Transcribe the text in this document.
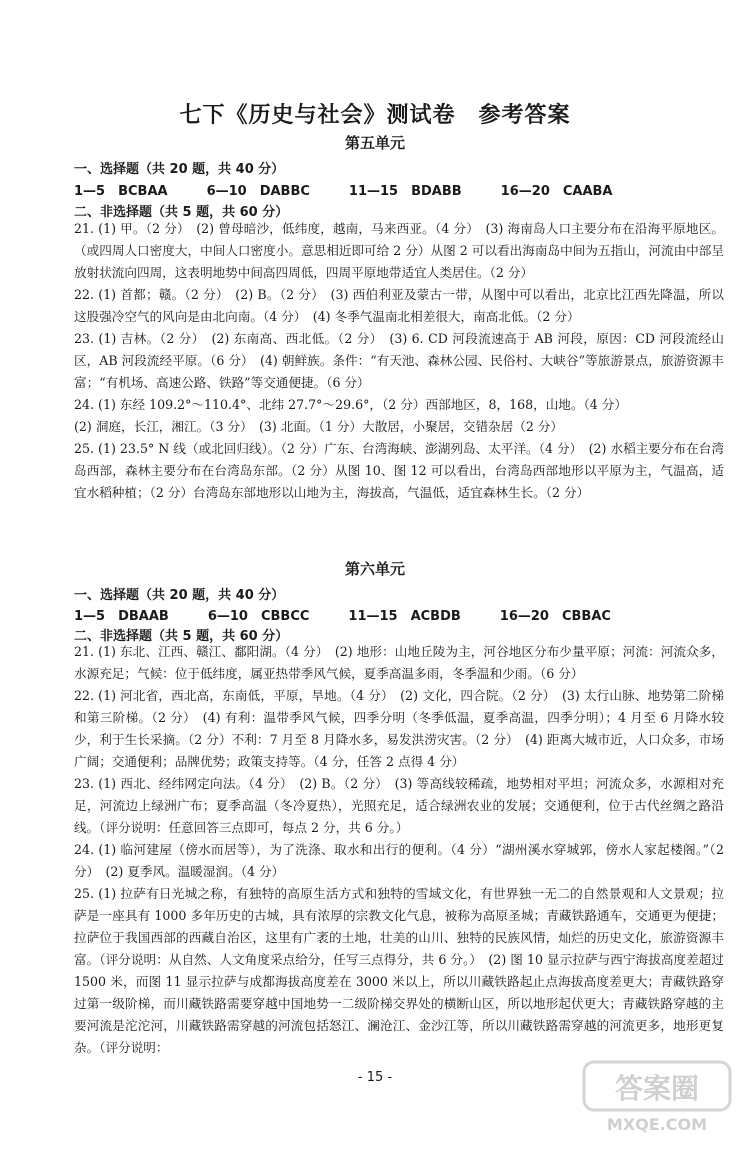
七下《历史与社会》测试卷　参考答案
第五单元
一、选择题（共 20 题，共 40 分）
1—5　BCBAA　　　6—10　DABBC　　　11—15　BDABB　　　16—20　CAABA
二、非选择题（共 5 题，共 60 分）

21. (1) 甲。（2 分）　(2) 曾母暗沙，低纬度，越南，马来西亚。（4 分）　(3) 海南岛人口主要分布在沿海平原地区。（或四周人口密度大，中间人口密度小。意思相近即可给 2 分）从图 2 可以看出海南岛中间为五指山，河流由中部呈放射状流向四周，这表明地势中间高四周低，四周平原地带适宜人类居住。（2 分）

22. (1) 首都；赣。（2 分）　(2) B。（2 分）　(3) 西伯利亚及蒙古一带，从图中可以看出，北京比江西先降温，所以这股强冷空气的风向是由北向南。（4 分）　(4) 冬季气温南北相差很大，南高北低。（2 分）

23. (1) 吉林。（2 分）　(2) 东南高、西北低。（2 分）　(3) 6. CD 河段流速高于 AB 河段，原因：CD 河段流经山区，AB 河段流经平原。（6 分）　(4) 朝鲜族。条件：“有天池、森林公园、民俗村、大峡谷”等旅游景点，旅游资源丰富；“有机场、高速公路、铁路”等交通便捷。（6 分）

24. (1) 东经 109.2°～110.4°、北纬 27.7°～29.6°，（2 分）西部地区，8，168，山地。（4 分）

(2) 洞庭，长江，湘江。（3 分）　(3) 北面。（1 分）大散居，小聚居，交错杂居（2 分）

25. (1) 23.5° N 线（或北回归线）。（2 分）广东、台湾海峡、澎湖列岛、太平洋。（4 分）　(2) 水稻主要分布在台湾岛西部，森林主要分布在台湾岛东部。（2 分）从图 10、图 12 可以看出，台湾岛西部地形以平原为主，气温高，适宜水稻种植；（2 分）台湾岛东部地形以山地为主，海拔高，气温低，适宜森林生长。（2 分）

第六单元
一、选择题（共 20 题，共 40 分）
1—5　DBAAB　　　6—10　CBBCC　　　11—15　ACBDB　　　16—20　CBBAC
二、非选择题（共 5 题，共 60 分）

21. (1) 东北、江西、赣江、鄱阳湖。（4 分）　(2) 地形：山地丘陵为主，河谷地区分布少量平原；河流：河流众多，水源充足；气候：位于低纬度，属亚热带季风气候，夏季高温多雨，冬季温和少雨。（6 分）

22. (1) 河北省，西北高，东南低，平原，旱地。（4 分）　(2) 文化，四合院。（2 分）　(3) 太行山脉、地势第二阶梯和第三阶梯。（2 分）　(4) 有利：温带季风气候，四季分明（冬季低温，夏季高温，四季分明）；4 月至 6 月降水较少，利于生长采摘。（2 分）不利：7 月至 8 月降水多，易发洪涝灾害。（2 分）　(4) 距离大城市近，人口众多，市场广阔；交通便利；品牌优势；政策支持等。（4 分，任答 2 点得 4 分）

23. (1) 西北、经纬网定向法。（4 分）　(2) B。（2 分）　(3) 等高线较稀疏，地势相对平坦；河流众多，水源相对充足，河流边上绿洲广布；夏季高温（冬冷夏热），光照充足，适合绿洲农业的发展；交通便利，位于古代丝绸之路沿线。（评分说明：任意回答三点即可，每点 2 分，共 6 分。）

24. (1) 临河建屋（傍水而居等），为了洗涤、取水和出行的便利。（4 分）“湖州溪水穿城郭，傍水人家起楼阁。”（2 分）　(2) 夏季风。温暖湿润。（4 分）

25. (1) 拉萨有日光城之称，有独特的高原生活方式和独特的雪域文化，有世界独一无二的自然景观和人文景观；拉萨是一座具有 1000 多年历史的古城，具有浓厚的宗教文化气息，被称为高原圣城；青藏铁路通车，交通更为便捷；拉萨位于我国西部的西藏自治区，这里有广袤的土地，壮美的山川、独特的民族风情，灿烂的历史文化，旅游资源丰富。（评分说明：从自然、人文角度采点给分，任写三点得分，共 6 分。）　(2) 图 10 显示拉萨与西宁海拔高度差超过 1500 米，而图 11 显示拉萨与成都海拔高度差在 3000 米以上，所以川藏铁路起止点海拔高度差更大；青藏铁路穿过第一级阶梯，而川藏铁路需要穿越中国地势一二级阶梯交界处的横断山区，所以地形起伏更大；青藏铁路穿越的主要河流是沱沱河，川藏铁路需穿越的河流包括怒江、澜沧江、金沙江等，所以川藏铁路需穿越的河流更多，地形更复杂。（评分说明：

- 15 -	答案圈
MXQE.COM
